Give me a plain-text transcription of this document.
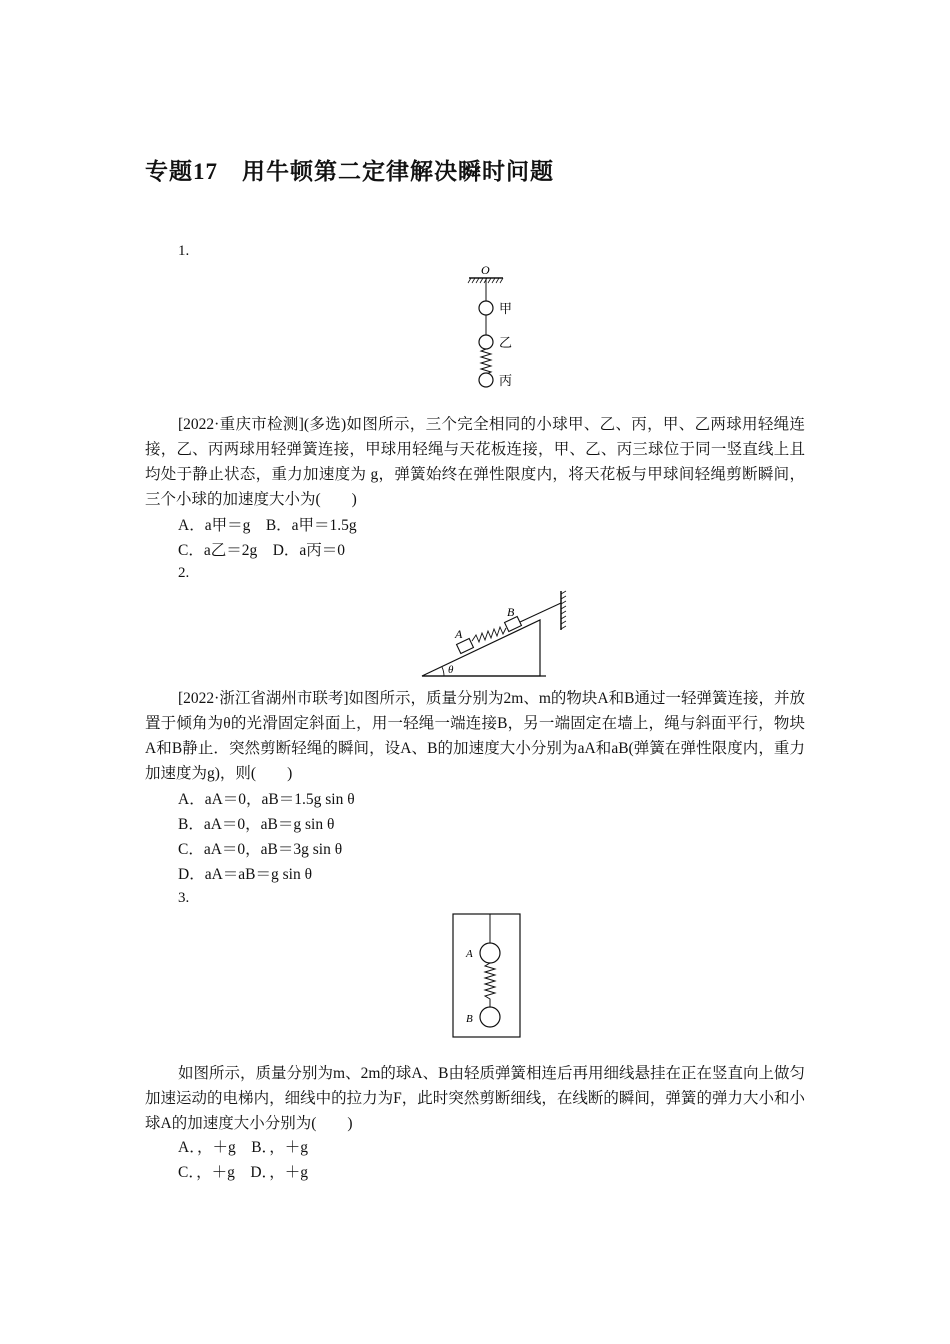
专题17　用牛顿第二定律解决瞬时问题
1.
O
甲
乙
丙
[2022·重庆市检测](多选)如图所示，三个完全相同的小球甲、乙、丙，甲、乙两球用轻绳连接，乙、丙两球用轻弹簧连接，甲球用轻绳与天花板连接，甲、乙、丙三球位于同一竖直线上且均处于静止状态，重力加速度为 g，弹簧始终在弹性限度内，将天花板与甲球间轻绳剪断瞬间，三个小球的加速度大小为(　　)
A．a甲＝g　 B．a甲＝1.5g
C．a乙＝2g　 D．a丙＝0
2.
A
B
θ
[2022·浙江省湖州市联考]如图所示，质量分别为2m、m的物块A和B通过一轻弹簧连接，并放置于倾角为θ的光滑固定斜面上，用一轻绳一端连接B，另一端固定在墙上，绳与斜面平行，物块A和B静止．突然剪断轻绳的瞬间，设A、B的加速度大小分别为aA和aB(弹簧在弹性限度内，重力加速度为g)，则(　　)
A．aA＝0，aB＝1.5g sin θ
B．aA＝0，aB＝g sin θ
C．aA＝0，aB＝3g sin θ
D．aA＝aB＝g sin θ
3.
A
B
如图所示，质量分别为m、2m的球A、B由轻质弹簧相连后再用细线悬挂在正在竖直向上做匀加速运动的电梯内，细线中的拉力为F，此时突然剪断细线，在线断的瞬间，弹簧的弹力大小和小球A的加速度大小分别为(　　)
A．，＋g　 B．，＋g
C．，＋g　 D．，＋g
